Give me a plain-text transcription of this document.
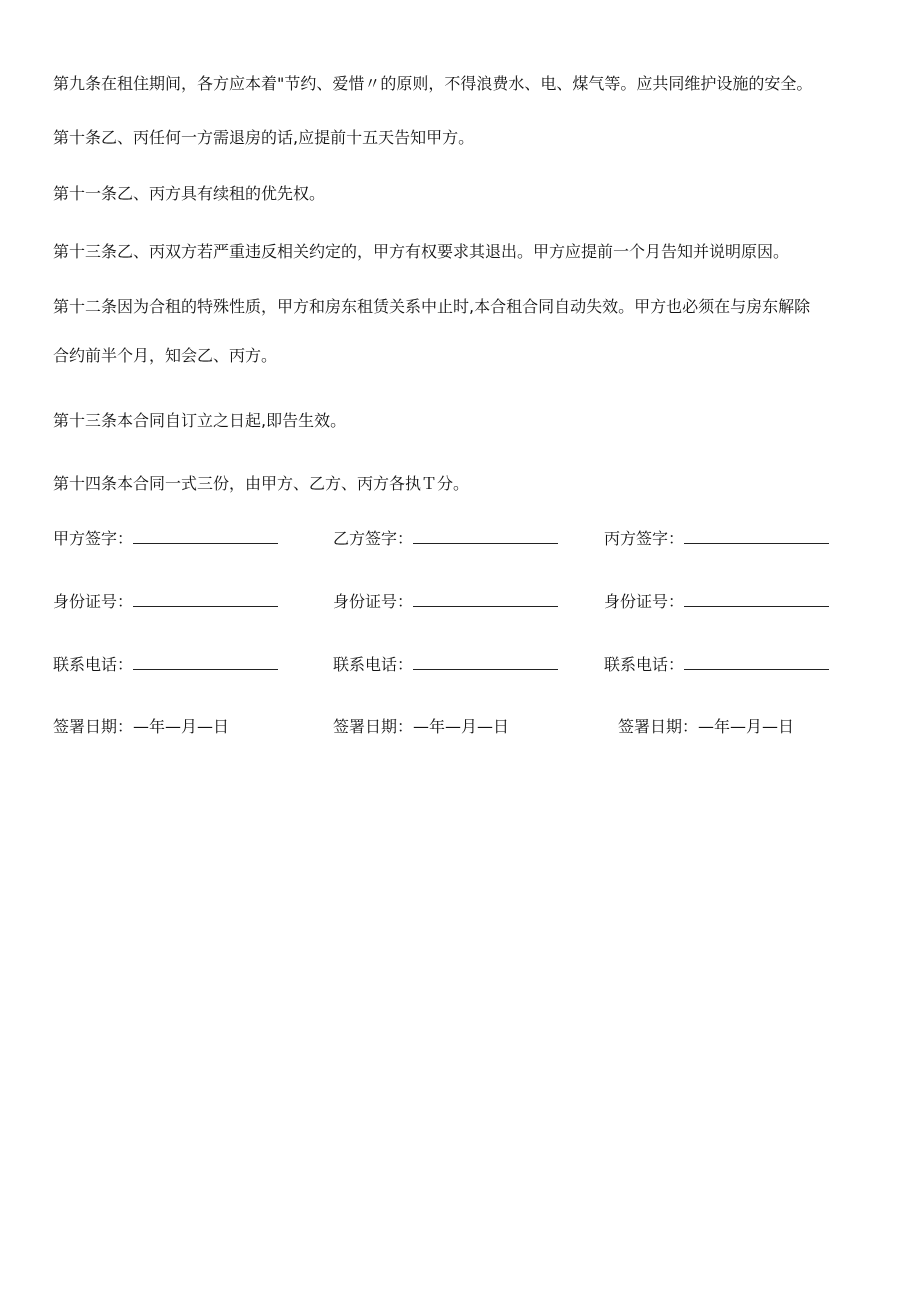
第九条在租住期间，各方应本着"节约、爱惜〃的原则，不得浪费水、电、煤气等。应共同维护设施的安全。
第十条乙、丙任何一方需退房的话,应提前十五天告知甲方。
第十一条乙、丙方具有续租的优先权。
第十三条乙、丙双方若严重违反相关约定的，甲方有权要求其退出。甲方应提前一个月告知并说明原因。
第十二条因为合租的特殊性质，甲方和房东租赁关系中止时,本合租合同自动失效。甲方也必须在与房东解除
合约前半个月，知会乙、丙方。
第十三条本合同自订立之日起,即告生效。
第十四条本合同一式三份，由甲方、乙方、丙方各执Ｔ分。
甲方签字：	乙方签字：	丙方签字：
身份证号：	身份证号：	身份证号：
联系电话：	联系电话：	联系电话：
签署日期：—年—月—日	签署日期：—年—月—日	签署日期：—年—月—日
